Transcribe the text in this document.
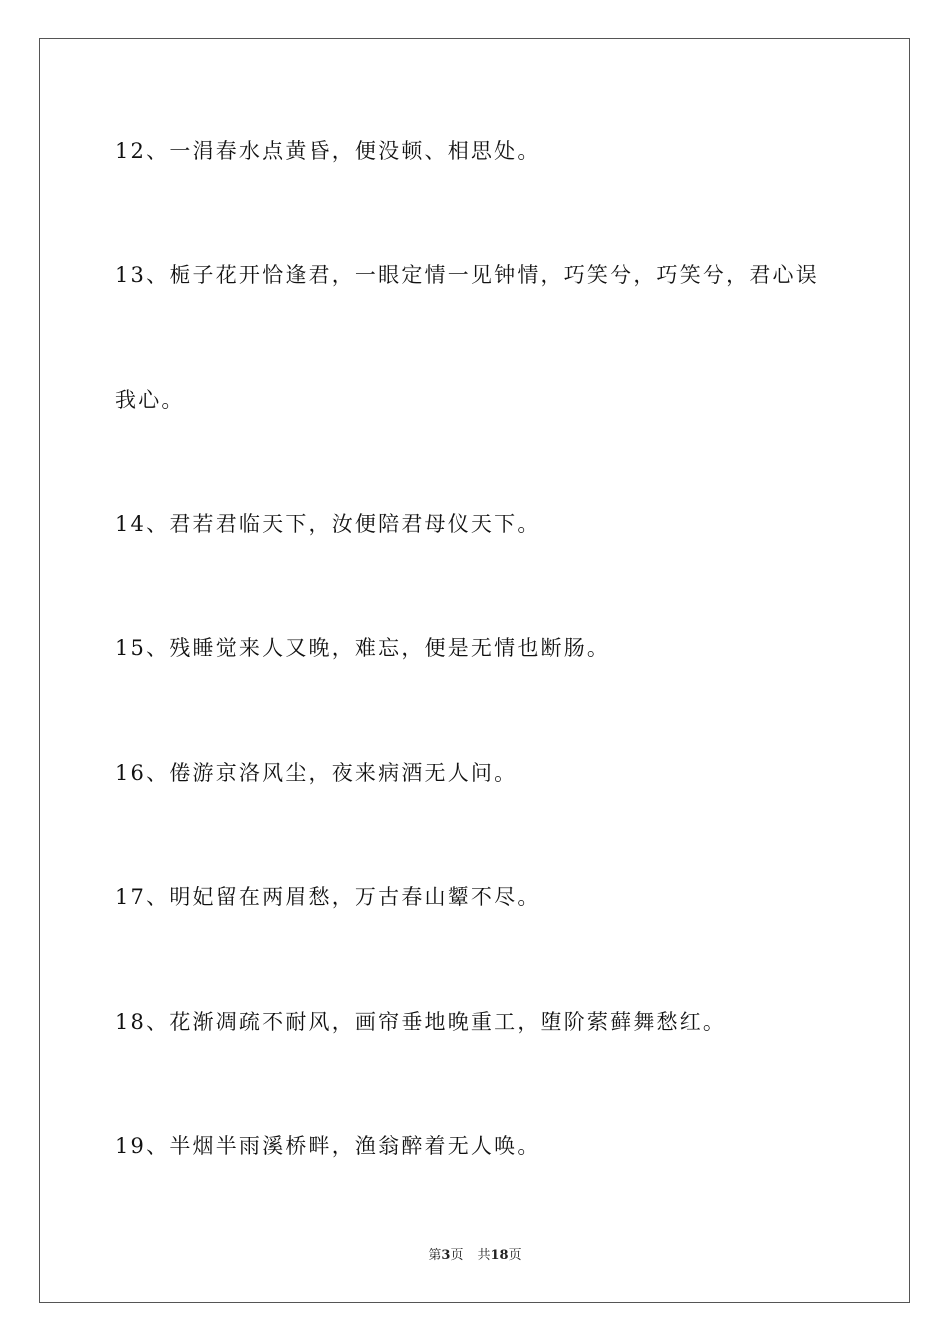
12、一涓春水点黄昏，便没顿、相思处。
13、栀子花开恰逢君，一眼定情一见钟情，巧笑兮，巧笑兮，君心误
我心。
14、君若君临天下，汝便陪君母仪天下。
15、残睡觉来人又晚，难忘，便是无情也断肠。
16、倦游京洛风尘，夜来病酒无人问。
17、明妃留在两眉愁，万古春山颦不尽。
18、花渐凋疏不耐风，画帘垂地晚重工，堕阶萦藓舞愁红。
19、半烟半雨溪桥畔，渔翁醉着无人唤。
第3页 共18页
